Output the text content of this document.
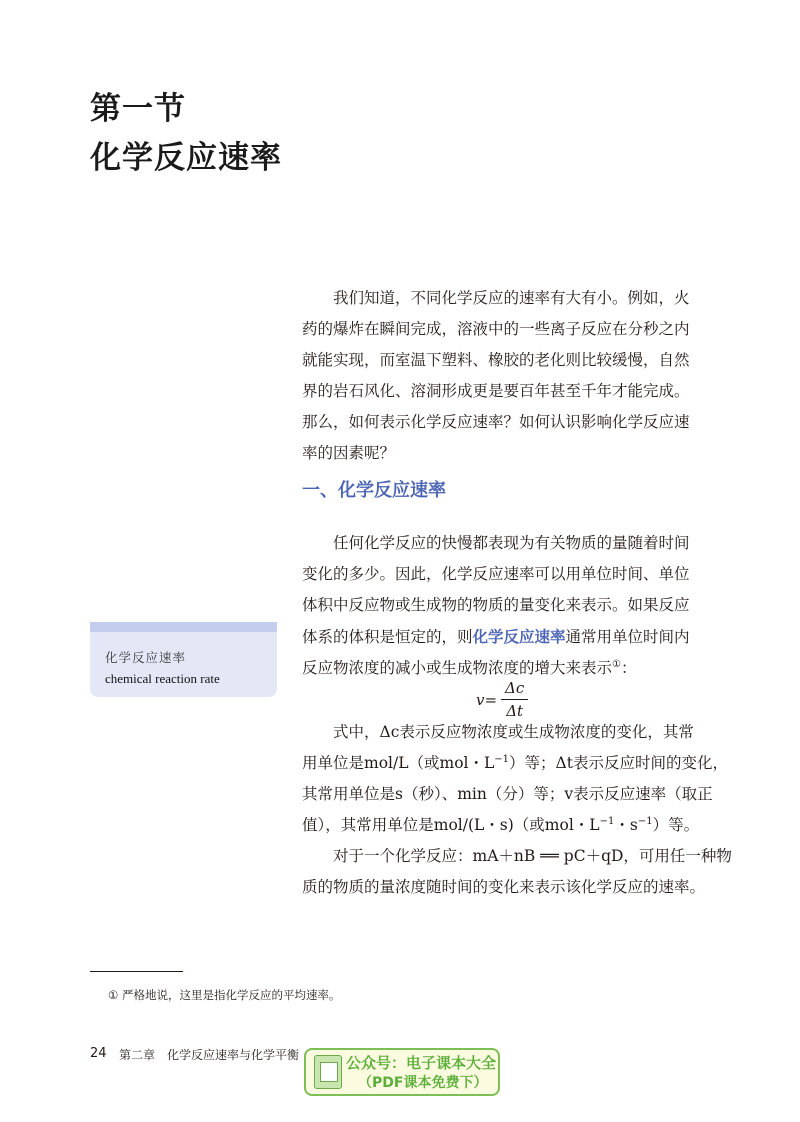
第一节
化学反应速率
我们知道，不同化学反应的速率有大有小。例如，火
药的爆炸在瞬间完成，溶液中的一些离子反应在分秒之内
就能实现，而室温下塑料、橡胶的老化则比较缓慢，自然
界的岩石风化、溶洞形成更是要百年甚至千年才能完成。
那么，如何表示化学反应速率？如何认识影响化学反应速
率的因素呢？
一、化学反应速率
任何化学反应的快慢都表现为有关物质的量随着时间
变化的多少。因此，化学反应速率可以用单位时间、单位
体积中反应物或生成物的物质的量变化来表示。如果反应
体系的体积是恒定的，则化学反应速率通常用单位时间内
反应物浓度的减小或生成物浓度的增大来表示①：
$v= \frac{\Delta c}{\Delta t}$
式中，Δc表示反应物浓度或生成物浓度的变化，其常
用单位是mol/L（或mol・$L^{-1}$）等；Δt表示反应时间的变化，
其常用单位是s（秒）、min（分）等；v表示反应速率（取正
值），其常用单位是mol/(L・s)（或mol・$L^{-1}$・$s^{-1}$）等。
对于一个化学反应：mA＋nB ══ pC＋qD，可用任一种物
质的物质的量浓度随时间的变化来表示该化学反应的速率。
化学反应速率
chemical reaction rate
① 严格地说，这里是指化学反应的平均速率。
24 第二章　化学反应速率与化学平衡	公众号：电子课本大全
（PDF课本免费下）
